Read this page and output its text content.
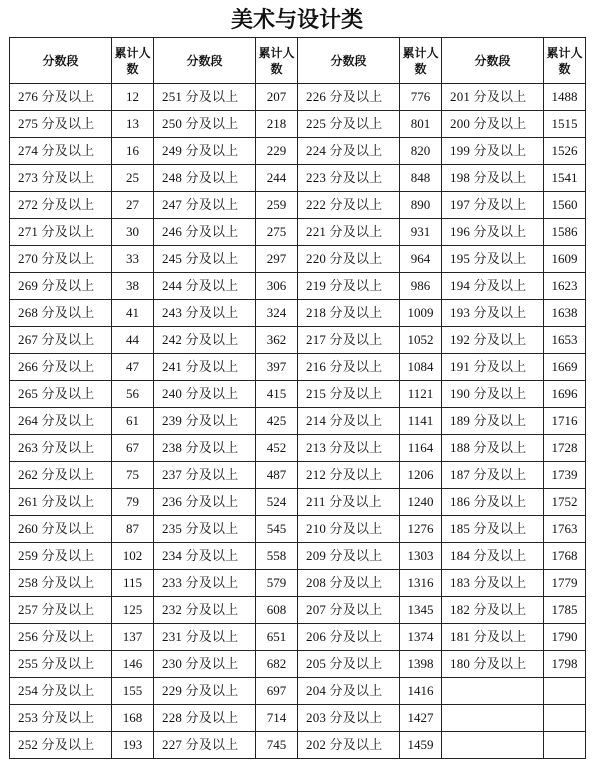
美术与设计类
分数段	累计人数	分数段	累计人数	分数段	累计人数	分数段	累计人数
276 分及以上	12	251 分及以上	207	226 分及以上	776	201 分及以上	1488
275 分及以上	13	250 分及以上	218	225 分及以上	801	200 分及以上	1515
274 分及以上	16	249 分及以上	229	224 分及以上	820	199 分及以上	1526
273 分及以上	25	248 分及以上	244	223 分及以上	848	198 分及以上	1541
272 分及以上	27	247 分及以上	259	222 分及以上	890	197 分及以上	1560
271 分及以上	30	246 分及以上	275	221 分及以上	931	196 分及以上	1586
270 分及以上	33	245 分及以上	297	220 分及以上	964	195 分及以上	1609
269 分及以上	38	244 分及以上	306	219 分及以上	986	194 分及以上	1623
268 分及以上	41	243 分及以上	324	218 分及以上	1009	193 分及以上	1638
267 分及以上	44	242 分及以上	362	217 分及以上	1052	192 分及以上	1653
266 分及以上	47	241 分及以上	397	216 分及以上	1084	191 分及以上	1669
265 分及以上	56	240 分及以上	415	215 分及以上	1121	190 分及以上	1696
264 分及以上	61	239 分及以上	425	214 分及以上	1141	189 分及以上	1716
263 分及以上	67	238 分及以上	452	213 分及以上	1164	188 分及以上	1728
262 分及以上	75	237 分及以上	487	212 分及以上	1206	187 分及以上	1739
261 分及以上	79	236 分及以上	524	211 分及以上	1240	186 分及以上	1752
260 分及以上	87	235 分及以上	545	210 分及以上	1276	185 分及以上	1763
259 分及以上	102	234 分及以上	558	209 分及以上	1303	184 分及以上	1768
258 分及以上	115	233 分及以上	579	208 分及以上	1316	183 分及以上	1779
257 分及以上	125	232 分及以上	608	207 分及以上	1345	182 分及以上	1785
256 分及以上	137	231 分及以上	651	206 分及以上	1374	181 分及以上	1790
255 分及以上	146	230 分及以上	682	205 分及以上	1398	180 分及以上	1798
254 分及以上	155	229 分及以上	697	204 分及以上	1416		
253 分及以上	168	228 分及以上	714	203 分及以上	1427		
252 分及以上	193	227 分及以上	745	202 分及以上	1459		
